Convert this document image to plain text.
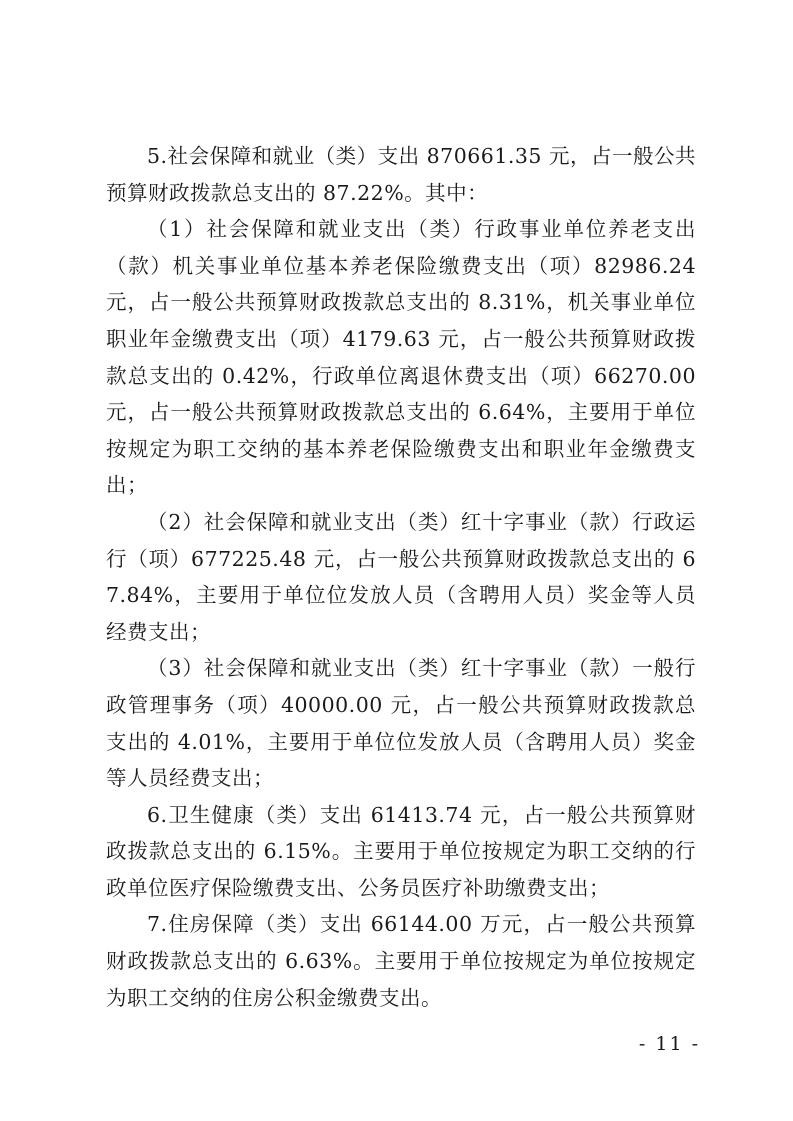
5.社会保障和就业（类）支出 870661.35 元，占一般公共预算财政拨款总支出的 87.22%。其中：

（1）社会保障和就业支出（类）行政事业单位养老支出（款）机关事业单位基本养老保险缴费支出（项）82986.24 元，占一般公共预算财政拨款总支出的 8.31%，机关事业单位职业年金缴费支出（项）4179.63 元，占一般公共预算财政拨款总支出的 0.42%，行政单位离退休费支出（项）66270.00 元，占一般公共预算财政拨款总支出的 6.64%，主要用于单位按规定为职工交纳的基本养老保险缴费支出和职业年金缴费支出；

（2）社会保障和就业支出（类）红十字事业（款）行政运行（项）677225.48 元，占一般公共预算财政拨款总支出的 67.84%，主要用于单位位发放人员（含聘用人员）奖金等人员经费支出；

（3）社会保障和就业支出（类）红十字事业（款）一般行政管理事务（项）40000.00 元，占一般公共预算财政拨款总支出的 4.01%，主要用于单位位发放人员（含聘用人员）奖金等人员经费支出；

6.卫生健康（类）支出 61413.74 元，占一般公共预算财政拨款总支出的 6.15%。主要用于单位按规定为职工交纳的行政单位医疗保险缴费支出、公务员医疗补助缴费支出；

7.住房保障（类）支出 66144.00 万元，占一般公共预算财政拨款总支出的 6.63%。主要用于单位按规定为单位按规定为职工交纳的住房公积金缴费支出。

- 11 -
